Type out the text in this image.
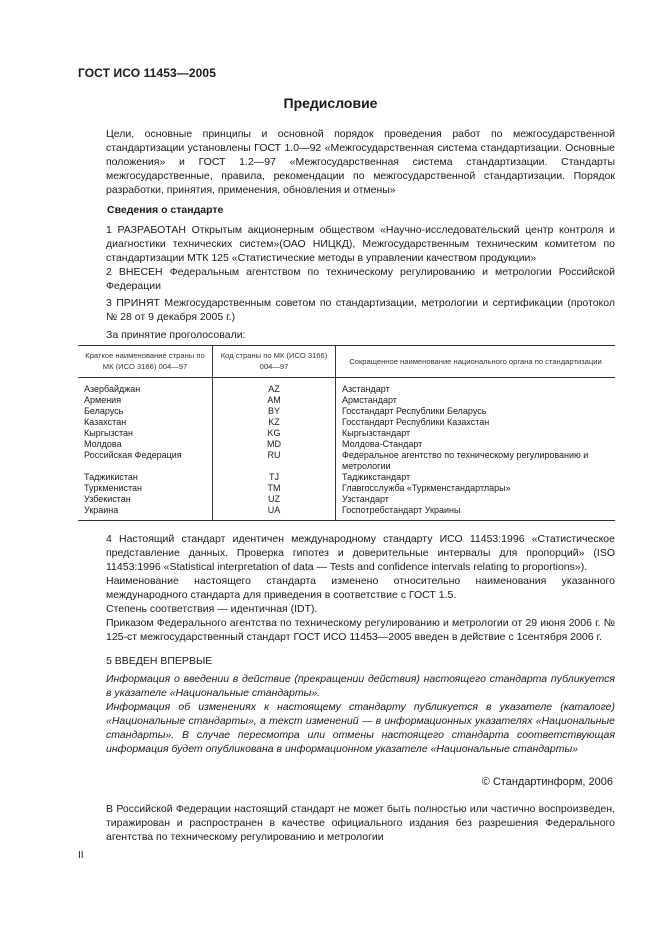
ГОСТ ИСО 11453—2005
Предисловие
Цели, основные принципы и основной порядок проведения работ по межгосударственной стандартизации установлены ГОСТ 1.0—92 «Межгосударственная система стандартизации. Основные положения» и ГОСТ 1.2—97 «Межгосударственная система стандартизации. Стандарты межгосударственные, правила, рекомендации по межгосударственной стандартизации. Порядок разработки, принятия, применения, обновления и отмены»
Сведения о стандарте
1 РАЗРАБОТАН Открытым акционерным обществом «Научно-исследовательский центр контроля и диагностики технических систем»(ОАО НИЦКД), Межгосударственным техническим комитетом по стандартизации МТК 125 «Статистические методы в управлении качеством продукции»
2 ВНЕСЕН Федеральным агентством по техническому регулированию и метрологии Российской Федерации
3 ПРИНЯТ Межгосударственным советом по стандартизации, метрологии и сертификации (протокол № 28 от 9 декабря 2005 г.)
За принятие проголосовали:
Краткое наименование страны по МК (ИСО 3166) 004—97	Код страны по МК (ИСО 3166) 004—97	Сокращенное наименование национального органа по стандартизации
Азербайджан	AZ	Азстандарт
Армения	AM	Армстандарт
Беларусь	BY	Госстандарт Республики Беларусь
Казахстан	KZ	Госстандарт Республики Казахстан
Кыргызстан	KG	Кыргызстандарт
Молдова	MD	Молдова-Стандарт
Российская Федерация	RU	Федеральное агентство по техническому регулированию и метрологии
Таджикистан	TJ	Таджикстандарт
Туркменистан	TM	Главгосслужба «Туркменстандартлары»
Узбекистан	UZ	Узстандарт
Украина	UA	Госпотребстандарт Украины
4 Настоящий стандарт идентичен международному стандарту ИСО 11453:1996 «Статистическое представление данных. Проверка гипотез и доверительные интервалы для пропорций» (ISO 11453:1996 «Statistical interpretation of data — Tests and confidence intervals relating to proportions»).
Наименование настоящего стандарта изменено относительно наименования указанного международного стандарта для приведения в соответствие с ГОСТ 1.5.
Степень соответствия — идентичная (IDT).
Приказом Федерального агентства по техническому регулированию и метрологии от 29 июня 2006 г. № 125-ст межгосударственный стандарт ГОСТ ИСО 11453—2005 введен в действие с 1сентября 2006 г.
5 ВВЕДЕН ВПЕРВЫЕ
Информация о введении в действие (прекращении действия) настоящего стандарта публикуется в указателе «Национальные стандарты».
Информация об изменениях к настоящему стандарту публикуется в указателе (каталоге) «Национальные стандарты», а текст изменений — в информационных указателях «Национальные стандарты». В случае пересмотра или отмены настоящего стандарта соответствующая информация будет опубликована в информационном указателе «Национальные стандарты»
© Стандартинформ, 2006
В Российской Федерации настоящий стандарт не может быть полностью или частично воспроизведен, тиражирован и распространен в качестве официального издания без разрешения Федерального агентства по техническому регулированию и метрологии
II
